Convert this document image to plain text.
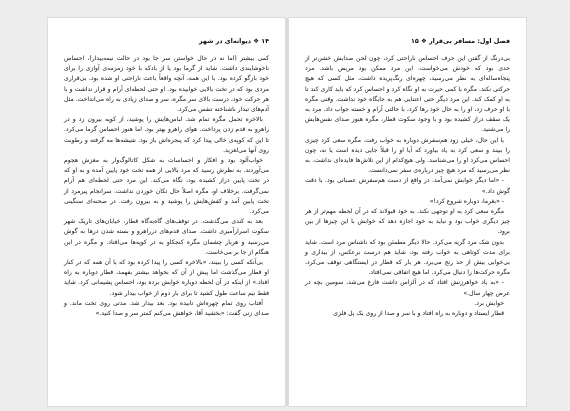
۱۴ ❖ دیوانه‌ای در شهر

کمی بیشتر (اما نه در حال خواستن سر جا بود در حالت نیمه‌بیدار)، احساس ناخوشایندی داشت. شاید از گرما بود یا از بادکه با خود زمزمه‌ی آوازی را برای خود بازگو کرده بود. با این همه، آنچه واقعاً باعث ناراحتی او شده بود، بی‌قراری مردی بود که در تخت بالایی خوابیده بود. او حتی لحظه‌ای آرام و قرار نداشت و با هر حرکت خود، درست بالای سر مگره، سر و صدای زیادی به راه می‌انداخت. مثل آدم‌های تبدار ناشناخته تنفس می‌کرد.

بالاخره تحمل مگره تمام شد. لباس‌هایش را پوشید، از کوپه بیرون زد و در راهرو به قدم زدن پرداخت. هوای راهرو بهتر بود. اما هنوز احساس گرما می‌کرد. تا این که کوپه‌ی خالی پیدا کرد که پنجره‌اش باز بود. شیشه‌ها مه گرفته و رطوبت روی آنها می‌لغزید.

خواب‌آلود بود و افکار و احساسات به شکل کاتالوگ‌وار به مغزش هجوم می‌آوردند. به نظرش رسید که مرد بالایی از همه تخت خود پایین آمده و به او که در تخت پایین دراز کشیده بود، نگاه می‌کند. این مرد حتی لحظه‌ای هم آرام نمی‌گرفت. برخلاف او، مگره اصلاً حال تکان خوردن نداشت. سرانجام پیرمرد از تخت پایین آمد و کفش‌هایش را پوشید و به بیرون رفت. در صحنه‌ای سنگینی می‌کرد.

بعد به کندی می‌گذشت. در توقف‌های گاه‌به‌گاه قطار، خیابان‌های تاریک شهر سکوت اسرارآمیزی داشت. صدای قدم‌های درراهرو و بسته شدن درها به گوش می‌رسید و هربار چشمان مگره کنجکاو به در کوپه‌ها می‌افتاد. و مگره در این هنگام از جا بر می‌خاست.

بی‌آنکه کسی را ببیند، «بالاخره کسی را پیدا کرده بود که با آن همه که در کنار او قطار می‌گذشت اما پیش از آن که بخواهد بیشتر بفهمد، قطار دوباره به راه افتاد.» از اینکه در آن لحظه دوباره خوابش برده بود، احساس پشیمانی کرد. شاید فقط نیم ساعت طول کشید تا برای بار دوم از خواب بیدار شود.

آفتاب روی تمام چهره‌اش تابیده بود. بعد بیدار شد. مدتی روی تخت ماند. و صدای زنی گفت: «بخشید آقا، خواهش می‌کنم کمتر سر و صدا کنید.»

فصل اول: مسافر بی‌قرار ❖ ۱۵

بی‌درنگ از گفتن این حرف احساس ناراحتی کرد، چون لحن صدایش خشن‌تر از حدی بود که خودش می‌خواست. این مرد ممکن بود مریض باشد. مرد پنجاه‌ساله‌ای به نظر می‌رسید، چهره‌ای رنگ‌پریده داشت، مثل کسی که هیچ حرکتی نکند. مگره با کمی حیرت به او نگاه کرد و احساس کرد که باید کاری کند تا به او کمک کند. این مرد دیگر حتی اعتنایی هم به جایگاه خود نداشت. وقتی مگره با او حرف زد، او را به حال خود رها کرد، با حالتی آرام و خسته جواب داد. مرد به یک سقف دراز کشیده بود و با وجود سکوت قطار، مگره هنوز صدای نفس‌هایش را می‌شنید.

با این حال، خیلی زود هم‌سفرش دوباره به خواب رفت. مگره سعی کرد چیزی را ببیند و سعی کرد به یاد بیاورد که آیا او را قبلاً جایی دیده است یا نه، چون احساس می‌کرد او را می‌شناسد. ولی هیچ‌کدام از این تلاش‌ها فایده‌ای نداشت. به نظر می‌رسید که مرد هیچ چیز درباره‌ی سفر نمی‌دانست.

- «اما دیگر خوابش نمی‌آمد. در واقع از دست هم‌سفرش عصبانی بود. با دقت گوش داد.»

- «بغرما، دوباره شروع کرد!»

مگره سعی کرد به او توجهی نکند. به خود قبولاند که در آن لحظه مهم‌تر از هر چیز دیگری خواب بود و نباید به خود اجازه دهد که خوابش با این چیزها از بین برود.

بدون شک مرد گریه می‌کرد. حالا دیگر مطمئن بود که ناشناس مرد است. شاید برای مدت کوتاهی به خواب رفته بود، شاید هم درست برعکس، از بیداری و بی‌خوابی بیش از حد رنج می‌برد. هر بار که قطار در ایستگاهی توقف می‌کرد، مگره حرکت‌ها را دنبال می‌کرد. اما هیچ اتفاقی نمی‌افتاد.

- «به یاد خواهرزنش افتاد که در آلزاس داشت فارغ می‌شد، سومین بچه در عرض چهار سال.»

خوابش برد.

قطار ایستاد و دوباره به راه افتاد و با سر و صدا از روی یک پل فلزی
